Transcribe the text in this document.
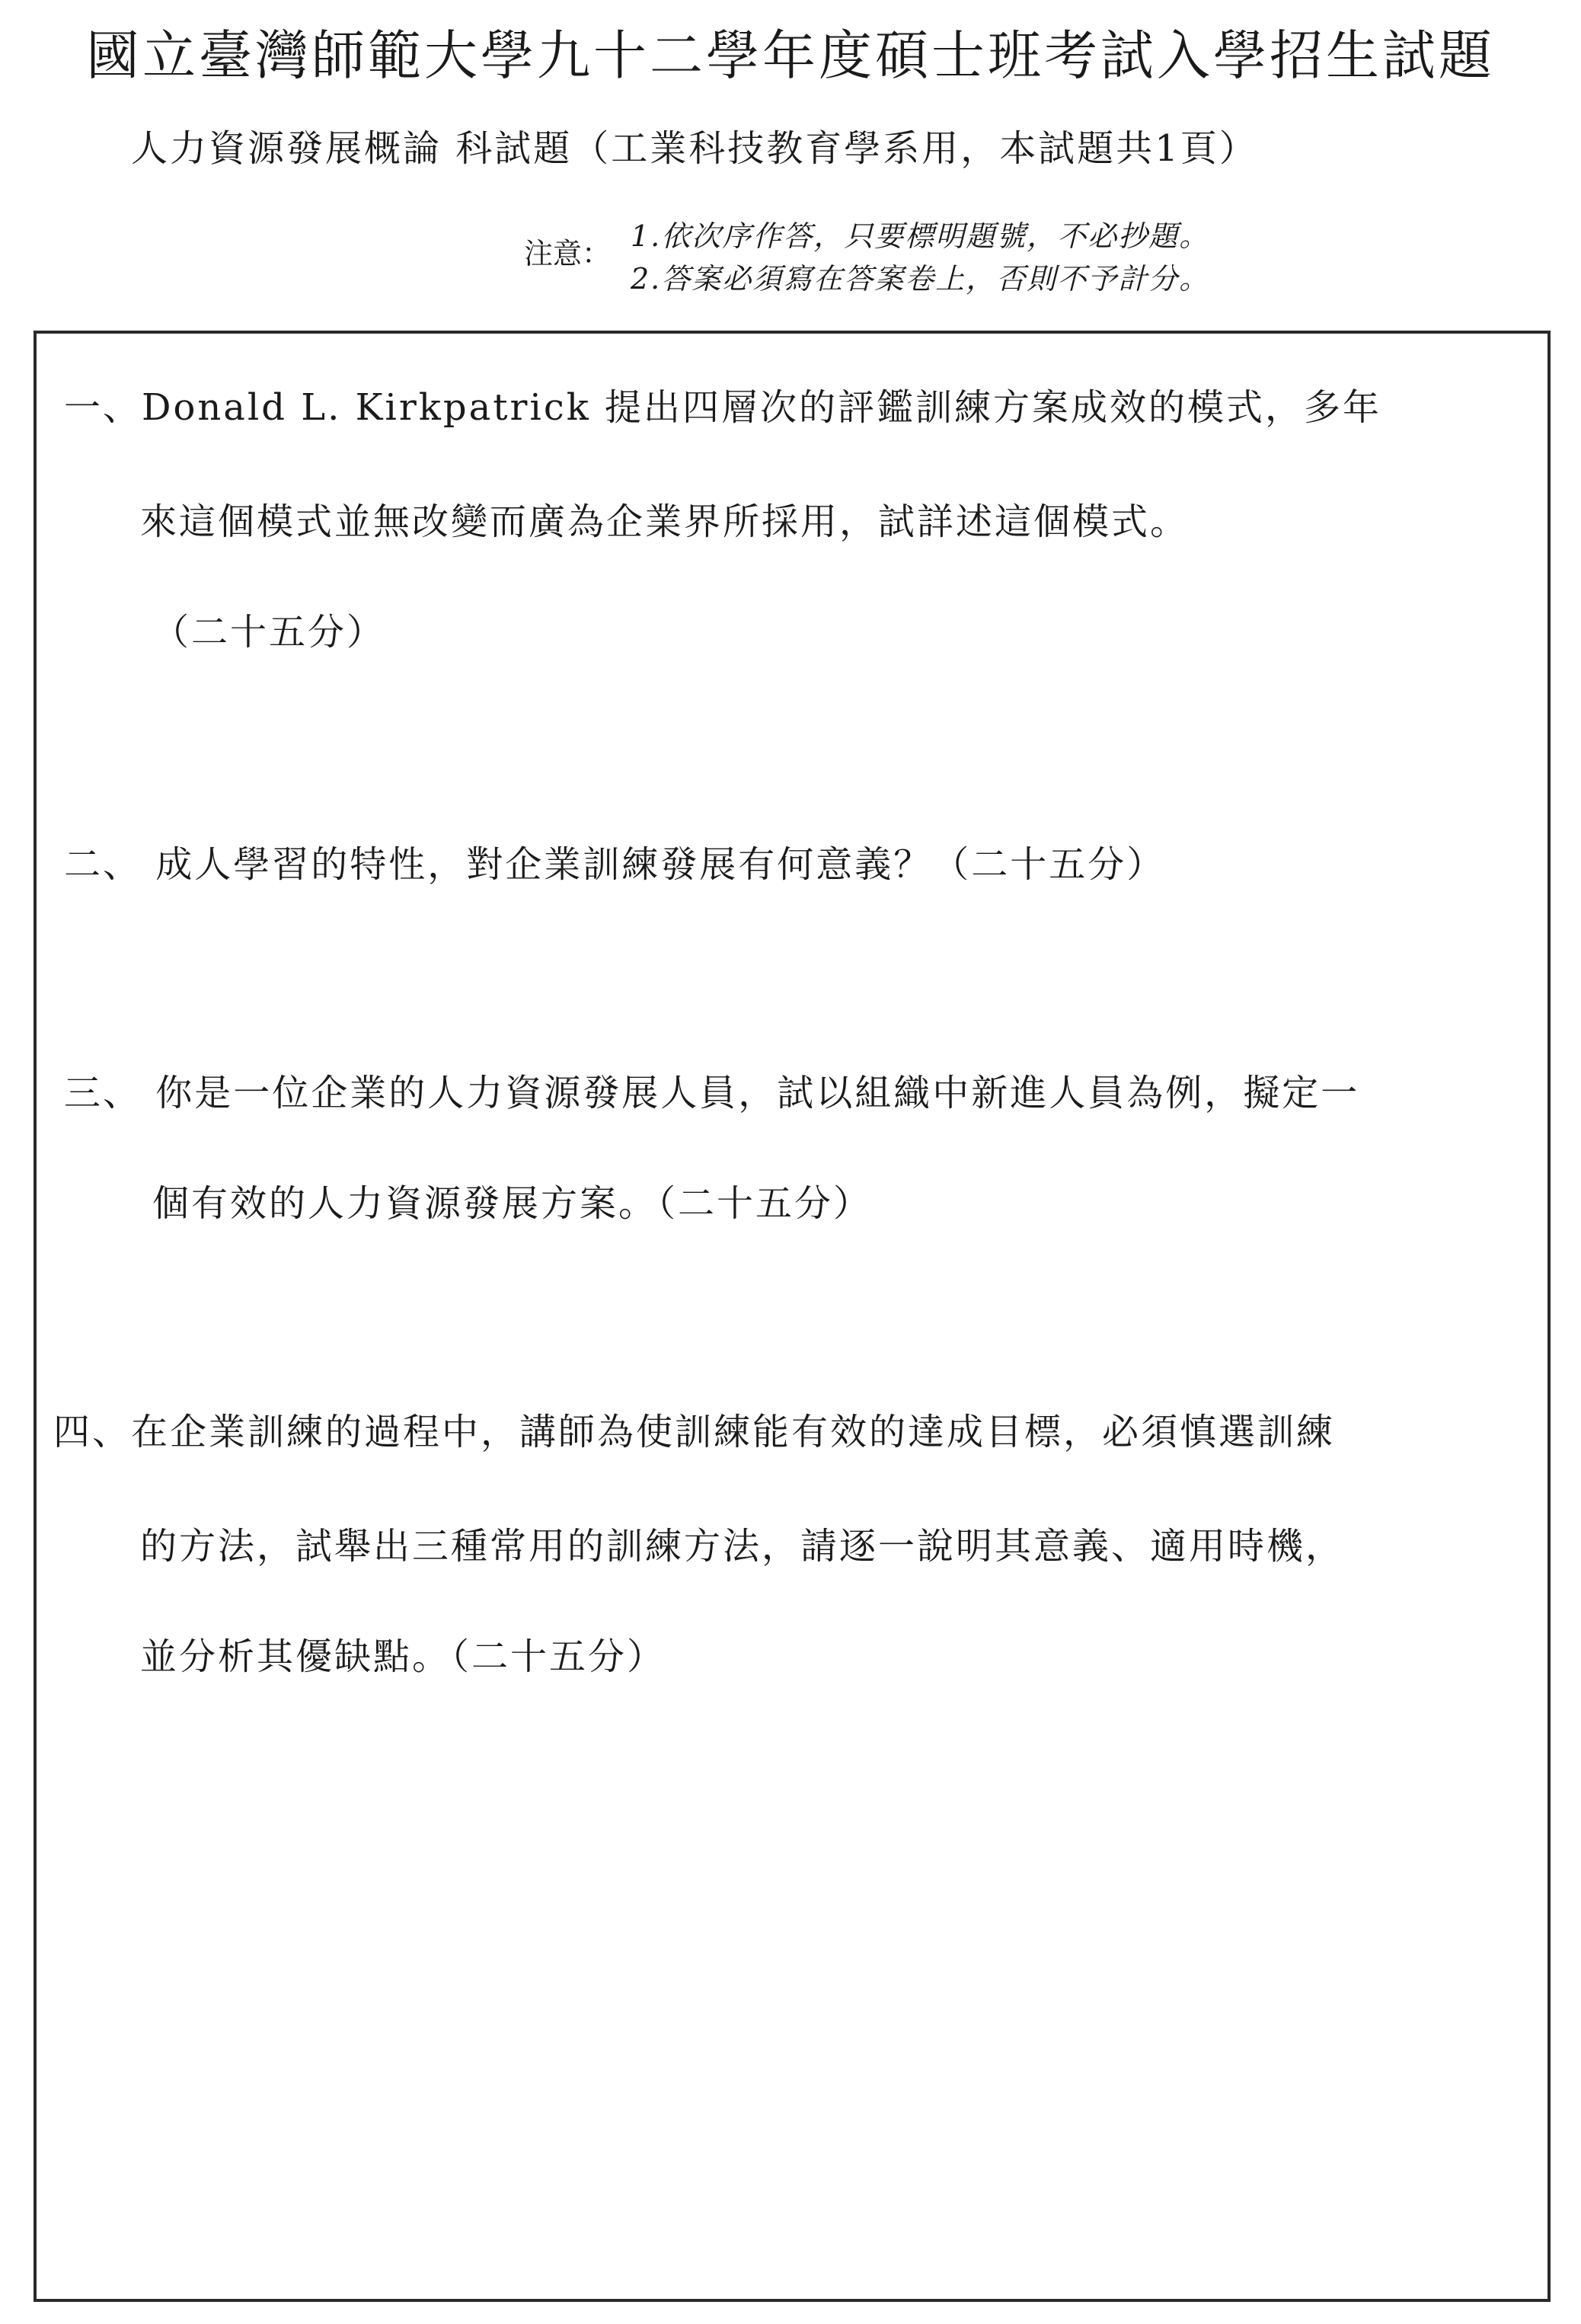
國立臺灣師範大學九十二學年度碩士班考試入學招生試題
人力資源發展概論 科試題（工業科技教育學系用，本試題共1頁）
注意：
1.依次序作答，只要標明題號，不必抄題。
2.答案必須寫在答案卷上，否則不予計分。
一、Donald L. Kirkpatrick 提出四層次的評鑑訓練方案成效的模式，多年
來這個模式並無改變而廣為企業界所採用，試詳述這個模式。
（二十五分）
二、 成人學習的特性，對企業訓練發展有何意義？（二十五分）
三、 你是一位企業的人力資源發展人員，試以組織中新進人員為例，擬定一
個有效的人力資源發展方案。（二十五分）
四、在企業訓練的過程中，講師為使訓練能有效的達成目標，必須慎選訓練
的方法，試舉出三種常用的訓練方法，請逐一說明其意義、適用時機，
並分析其優缺點。（二十五分）
